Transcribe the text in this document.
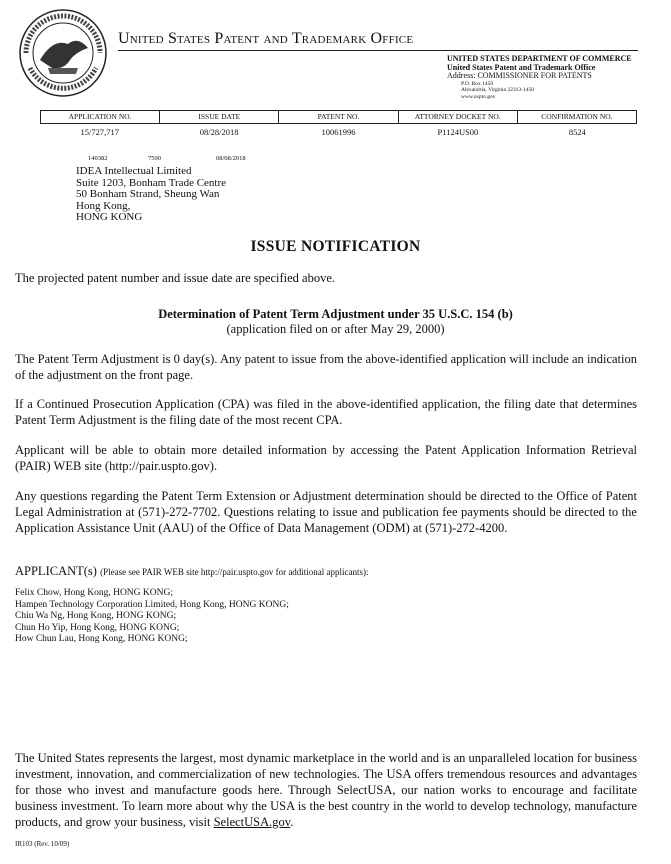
United States Patent and Trademark Office
UNITED STATES DEPARTMENT OF COMMERCE
United States Patent and Trademark Office
Address: COMMISSIONER FOR PATENTS
P.O. Box 1450
Alexandria, Virginia 22313-1450
www.uspto.gov
APPLICATION NO.	ISSUE DATE	PATENT NO.	ATTORNEY DOCKET NO.	CONFIRMATION NO.
15/727,717	08/28/2018	10061996	P1124US00	8524
140382	7590	08/08/2018
IDEA Intellectual Limited
Suite 1203, Bonham Trade Centre
50 Bonham Strand, Sheung Wan
Hong Kong,
HONG KONG
ISSUE NOTIFICATION
The projected patent number and issue date are specified above.
Determination of Patent Term Adjustment under 35 U.S.C. 154 (b)
(application filed on or after May 29, 2000)
The Patent Term Adjustment is 0 day(s). Any patent to issue from the above-identified application will include an indication of the adjustment on the front page.
If a Continued Prosecution Application (CPA) was filed in the above-identified application, the filing date that determines Patent Term Adjustment is the filing date of the most recent CPA.
Applicant will be able to obtain more detailed information by accessing the Patent Application Information Retrieval (PAIR) WEB site (http://pair.uspto.gov).
Any questions regarding the Patent Term Extension or Adjustment determination should be directed to the Office of Patent Legal Administration at (571)-272-7702. Questions relating to issue and publication fee payments should be directed to the Application Assistance Unit (AAU) of the Office of Data Management (ODM) at (571)-272-4200.
APPLICANT(s) (Please see PAIR WEB site http://pair.uspto.gov for additional applicants):
Felix Chow, Hong Kong, HONG KONG;
Hampen Technology Corporation Limited, Hong Kong, HONG KONG;
Chiu Wa Ng, Hong Kong, HONG KONG;
Chun Ho Yip, Hong Kong, HONG KONG;
How Chun Lau, Hong Kong, HONG KONG;
The United States represents the largest, most dynamic marketplace in the world and is an unparalleled location for business investment, innovation, and commercialization of new technologies. The USA offers tremendous resources and advantages for those who invest and manufacture goods here. Through SelectUSA, our nation works to encourage and facilitate business investment. To learn more about why the USA is the best country in the world to develop technology, manufacture products, and grow your business, visit SelectUSA.gov.
IR103 (Rev. 10/09)
